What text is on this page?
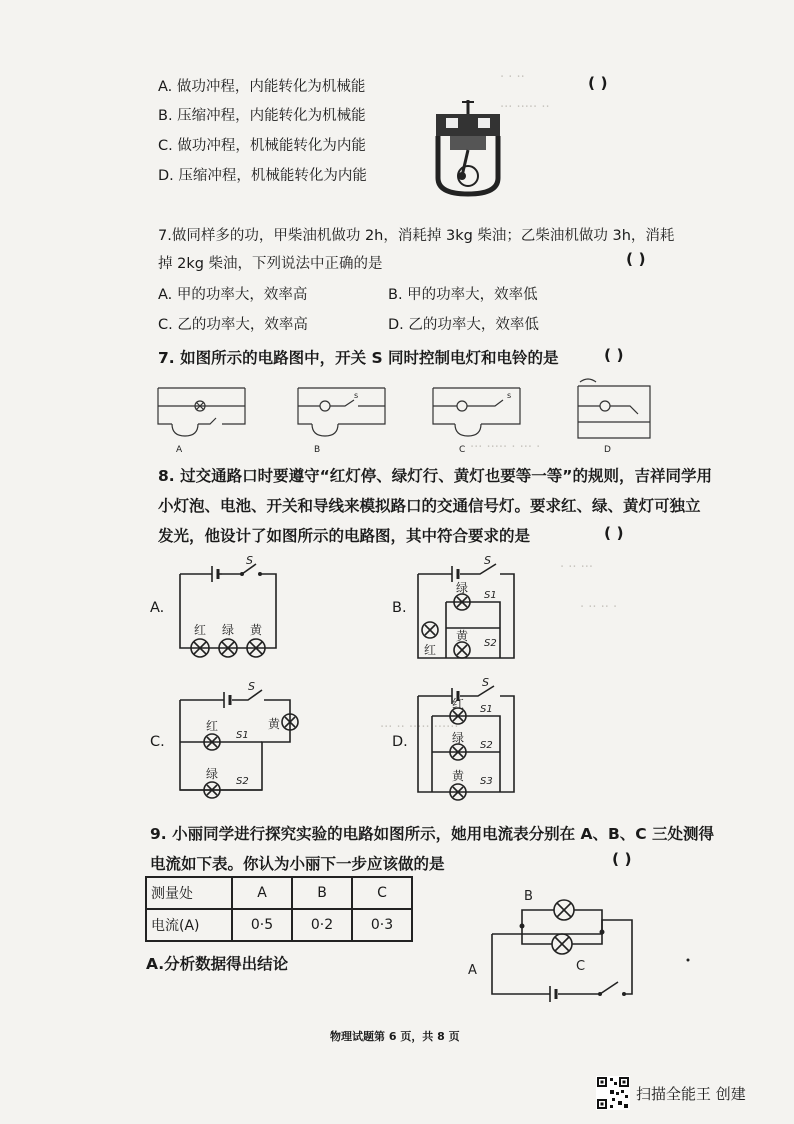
· · ··
··· ····· ··
··· ····· · ··· ·
· ·· ···
· ·· ·· ·
··· ·· ····· ······
A. 做功冲程，内能转化为机械能
B. 压缩冲程，内能转化为机械能
C. 做功冲程，机械能转化为内能
D. 压缩冲程，机械能转化为内能
( )
7.做同样多的功，甲柴油机做功 2h，消耗掉 3kg 柴油；乙柴油机做功 3h，消耗
掉 2kg 柴油，下列说法中正确的是	( )
A. 甲的功率大，效率高	B. 甲的功率大，效率低
C. 乙的功率大，效率高	D. 乙的功率大，效率低
7. 如图所示的电路图中，开关 S 同时控制电灯和电铃的是	( )
A
s
B
s
C	D
8. 过交通路口时要遵守“红灯停、绿灯行、黄灯也要等一等”的规则，吉祥同学用
小灯泡、电池、开关和导线来模拟路口的交通信号灯。要求红、绿、黄灯可独立
发光，他设计了如图所示的电路图，其中符合要求的是	( )
A.
S
红 绿 黄
B.
S
红
绿
S1
黄
S2
C.
S
红
S1
绿
S2
黄
D.
S
红 S1
绿
S2
黄 S3
9. 小丽同学进行探究实验的电路如图所示，她用电流表分别在 A、B、C 三处测得
电流如下表。你认为小丽下一步应该做的是	( )
测量处	A	B	C
电流(A)	0·5	0·2	0·3
A.分析数据得出结论
B
C
A
物理试题第 6 页，共 8 页
扫描全能王 创建
